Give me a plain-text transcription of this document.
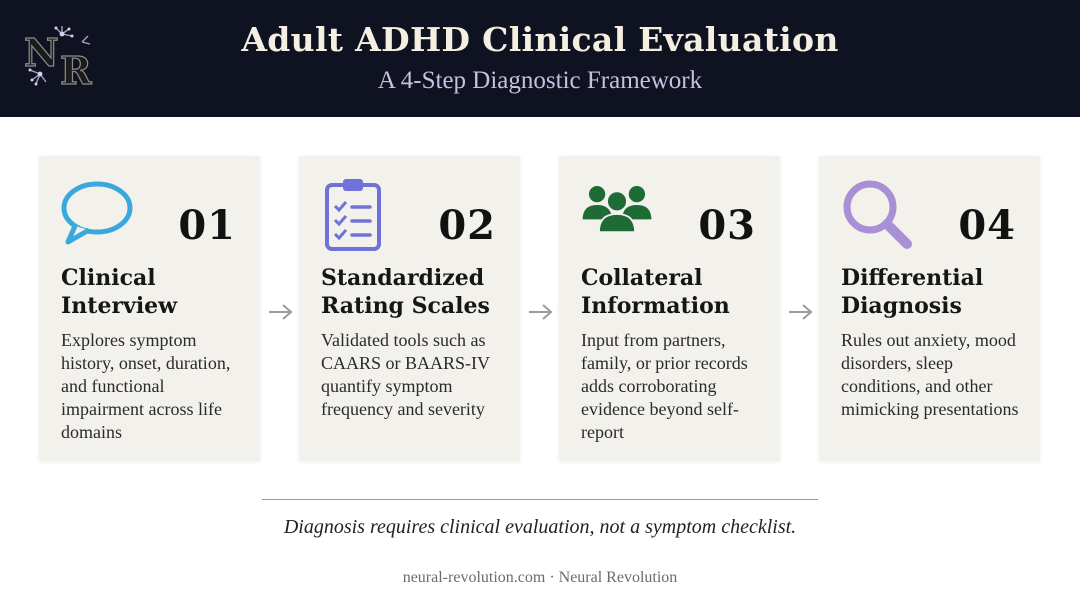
N R
Adult ADHD Clinical Evaluation
A 4-Step Diagnostic Framework
01
Clinical
Interview
Explores symptom history, onset, duration, and functional impairment across life domains
02
Standardized
Rating Scales
Validated tools such as CAARS or BAARS-IV quantify symptom frequency and severity
03
Collateral
Information
Input from partners, family, or prior records adds corroborating evidence beyond self-report
04
Differential
Diagnosis
Rules out anxiety, mood disorders, sleep conditions, and other mimicking presentations
Diagnosis requires clinical evaluation, not a symptom checklist.
neural-revolution.com · Neural Revolution
